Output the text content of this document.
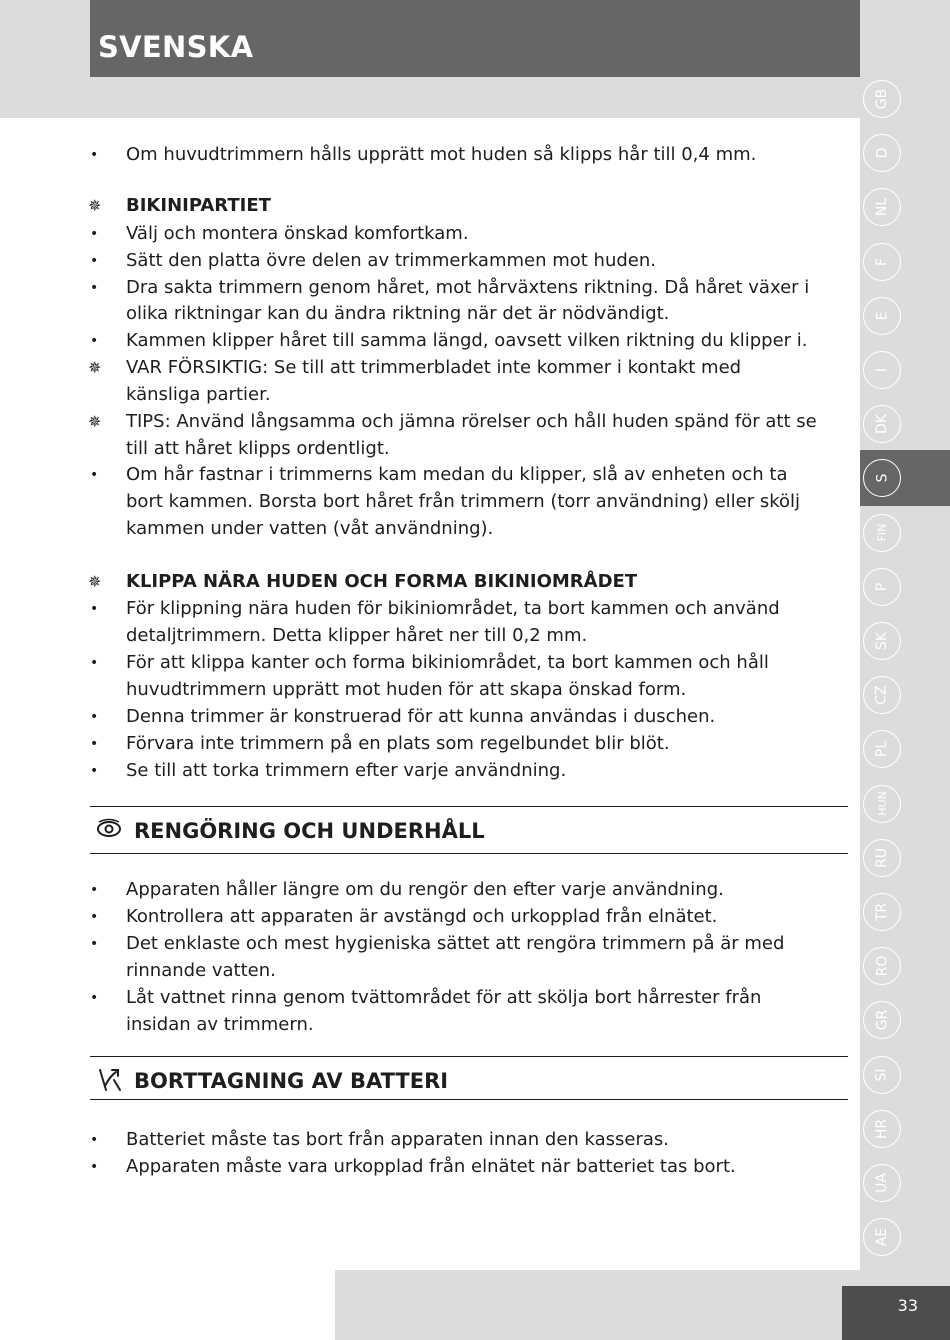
SVENSKA
GB
D
NL
F
E
I
DK
S
FIN
P
SK
CZ
PL
HUN
RU
TR
RO
GR
SI
HR
UA
AE
33
• Om huvudtrimmern hålls upprätt mot huden så klipps hår till 0,4 mm.
✵ BIKINIPARTIET
• Välj och montera önskad komfortkam.
• Sätt den platta övre delen av trimmerkammen mot huden.
• Dra sakta trimmern genom håret, mot hårväxtens riktning. Då håret växer i
olika riktningar kan du ändra riktning när det är nödvändigt.
• Kammen klipper håret till samma längd, oavsett vilken riktning du klipper i.
✵ VAR FÖRSIKTIG: Se till att trimmerbladet inte kommer i kontakt med
känsliga partier.
✵ TIPS: Använd långsamma och jämna rörelser och håll huden spänd för att se
till att håret klipps ordentligt.
• Om hår fastnar i trimmerns kam medan du klipper, slå av enheten och ta
bort kammen. Borsta bort håret från trimmern (torr användning) eller skölj
kammen under vatten (våt användning).
✵ KLIPPA NÄRA HUDEN OCH FORMA BIKINIOMRÅDET
• För klippning nära huden för bikiniområdet, ta bort kammen och använd
detaljtrimmern. Detta klipper håret ner till 0,2 mm.
• För att klippa kanter och forma bikiniområdet, ta bort kammen och håll
huvudtrimmern upprätt mot huden för att skapa önskad form.
• Denna trimmer är konstruerad för att kunna användas i duschen.
• Förvara inte trimmern på en plats som regelbundet blir blöt.
• Se till att torka trimmern efter varje användning.
RENGÖRING OCH UNDERHÅLL
• Apparaten håller längre om du rengör den efter varje användning.
• Kontrollera att apparaten är avstängd och urkopplad från elnätet.
• Det enklaste och mest hygieniska sättet att rengöra trimmern på är med
rinnande vatten.
• Låt vattnet rinna genom tvättområdet för att skölja bort hårrester från
insidan av trimmern.
BORTTAGNING AV BATTERI
• Batteriet måste tas bort från apparaten innan den kasseras.
• Apparaten måste vara urkopplad från elnätet när batteriet tas bort.
